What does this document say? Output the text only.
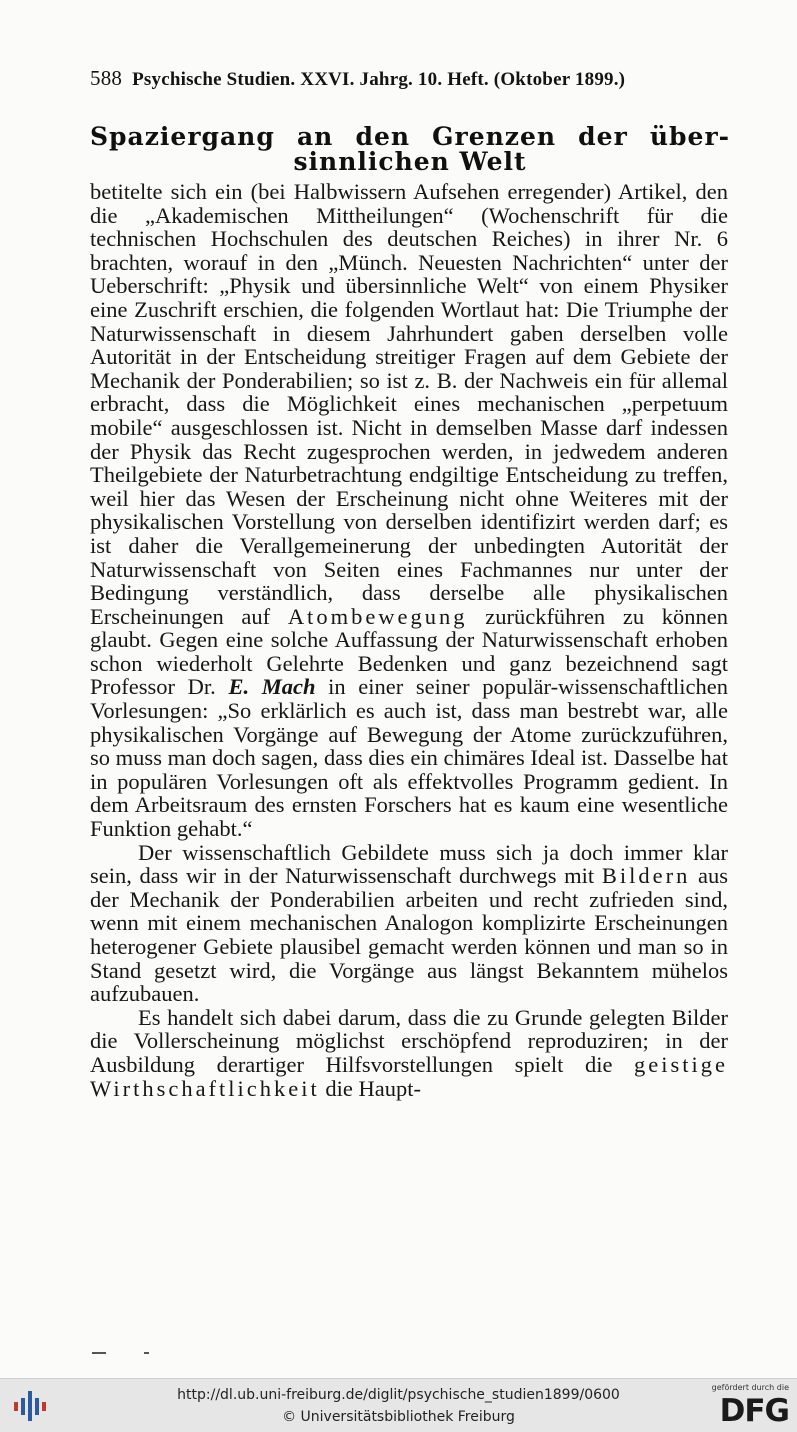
588 Psychische Studien. XXVI. Jahrg. 10. Heft. (Oktober 1899.)
Spaziergang an den Grenzen der über-
sinnlichen Welt

betitelte sich ein (bei Halbwissern Aufsehen erregender) Artikel, den die „Akademischen Mittheilungen“ (Wochenschrift für die technischen Hochschulen des deutschen Reiches) in ihrer Nr. 6 brachten, worauf in den „Münch. Neuesten Nachrichten“ unter der Ueberschrift: „Physik und übersinnliche Welt“ von einem Physiker eine Zuschrift erschien, die folgenden Wortlaut hat: Die Triumphe der Naturwissenschaft in diesem Jahrhundert gaben derselben volle Autorität in der Entscheidung streitiger Fragen auf dem Gebiete der Mechanik der Ponderabilien; so ist z. B. der Nachweis ein für allemal erbracht, dass die Möglichkeit eines mechanischen „perpetuum mobile“ ausgeschlossen ist. Nicht in demselben Masse darf indessen der Physik das Recht zugesprochen werden, in jedwedem anderen Theilgebiete der Naturbetrachtung endgiltige Entscheidung zu treffen, weil hier das Wesen der Erscheinung nicht ohne Weiteres mit der physikalischen Vorstellung von derselben identifizirt werden darf; es ist daher die Verallgemeinerung der unbedingten Autorität der Naturwissenschaft von Seiten eines Fachmannes nur unter der Bedingung verständlich, dass derselbe alle physikalischen Erscheinungen auf Atombewegung zurückführen zu können glaubt. Gegen eine solche Auffassung der Naturwissenschaft erhoben schon wiederholt Gelehrte Bedenken und ganz bezeichnend sagt Professor Dr. E. Mach in einer seiner populär-wissenschaftlichen Vorlesungen: „So erklärlich es auch ist, dass man bestrebt war, alle physikalischen Vorgänge auf Bewegung der Atome zurückzuführen, so muss man doch sagen, dass dies ein chimäres Ideal ist. Dasselbe hat in populären Vorlesungen oft als effektvolles Programm gedient. In dem Arbeitsraum des ernsten Forschers hat es kaum eine wesentliche Funktion gehabt.“

Der wissenschaftlich Gebildete muss sich ja doch immer klar sein, dass wir in der Naturwissenschaft durchwegs mit Bildern aus der Mechanik der Ponderabilien arbeiten und recht zufrieden sind, wenn mit einem mechanischen Analogon komplizirte Erscheinungen heterogener Gebiete plausibel gemacht werden können und man so in Stand gesetzt wird, die Vorgänge aus längst Bekanntem mühelos aufzubauen.

Es handelt sich dabei darum, dass die zu Grunde gelegten Bilder die Vollerscheinung möglichst erschöpfend reproduziren; in der Ausbildung derartiger Hilfsvorstellungen spielt die geistige Wirthschaftlichkeit die Haupt-

http://dl.ub.uni-freiburg.de/diglit/psychische_studien1899/0600
© Universitätsbibliothek Freiburg
gefördert durch die
DFG
